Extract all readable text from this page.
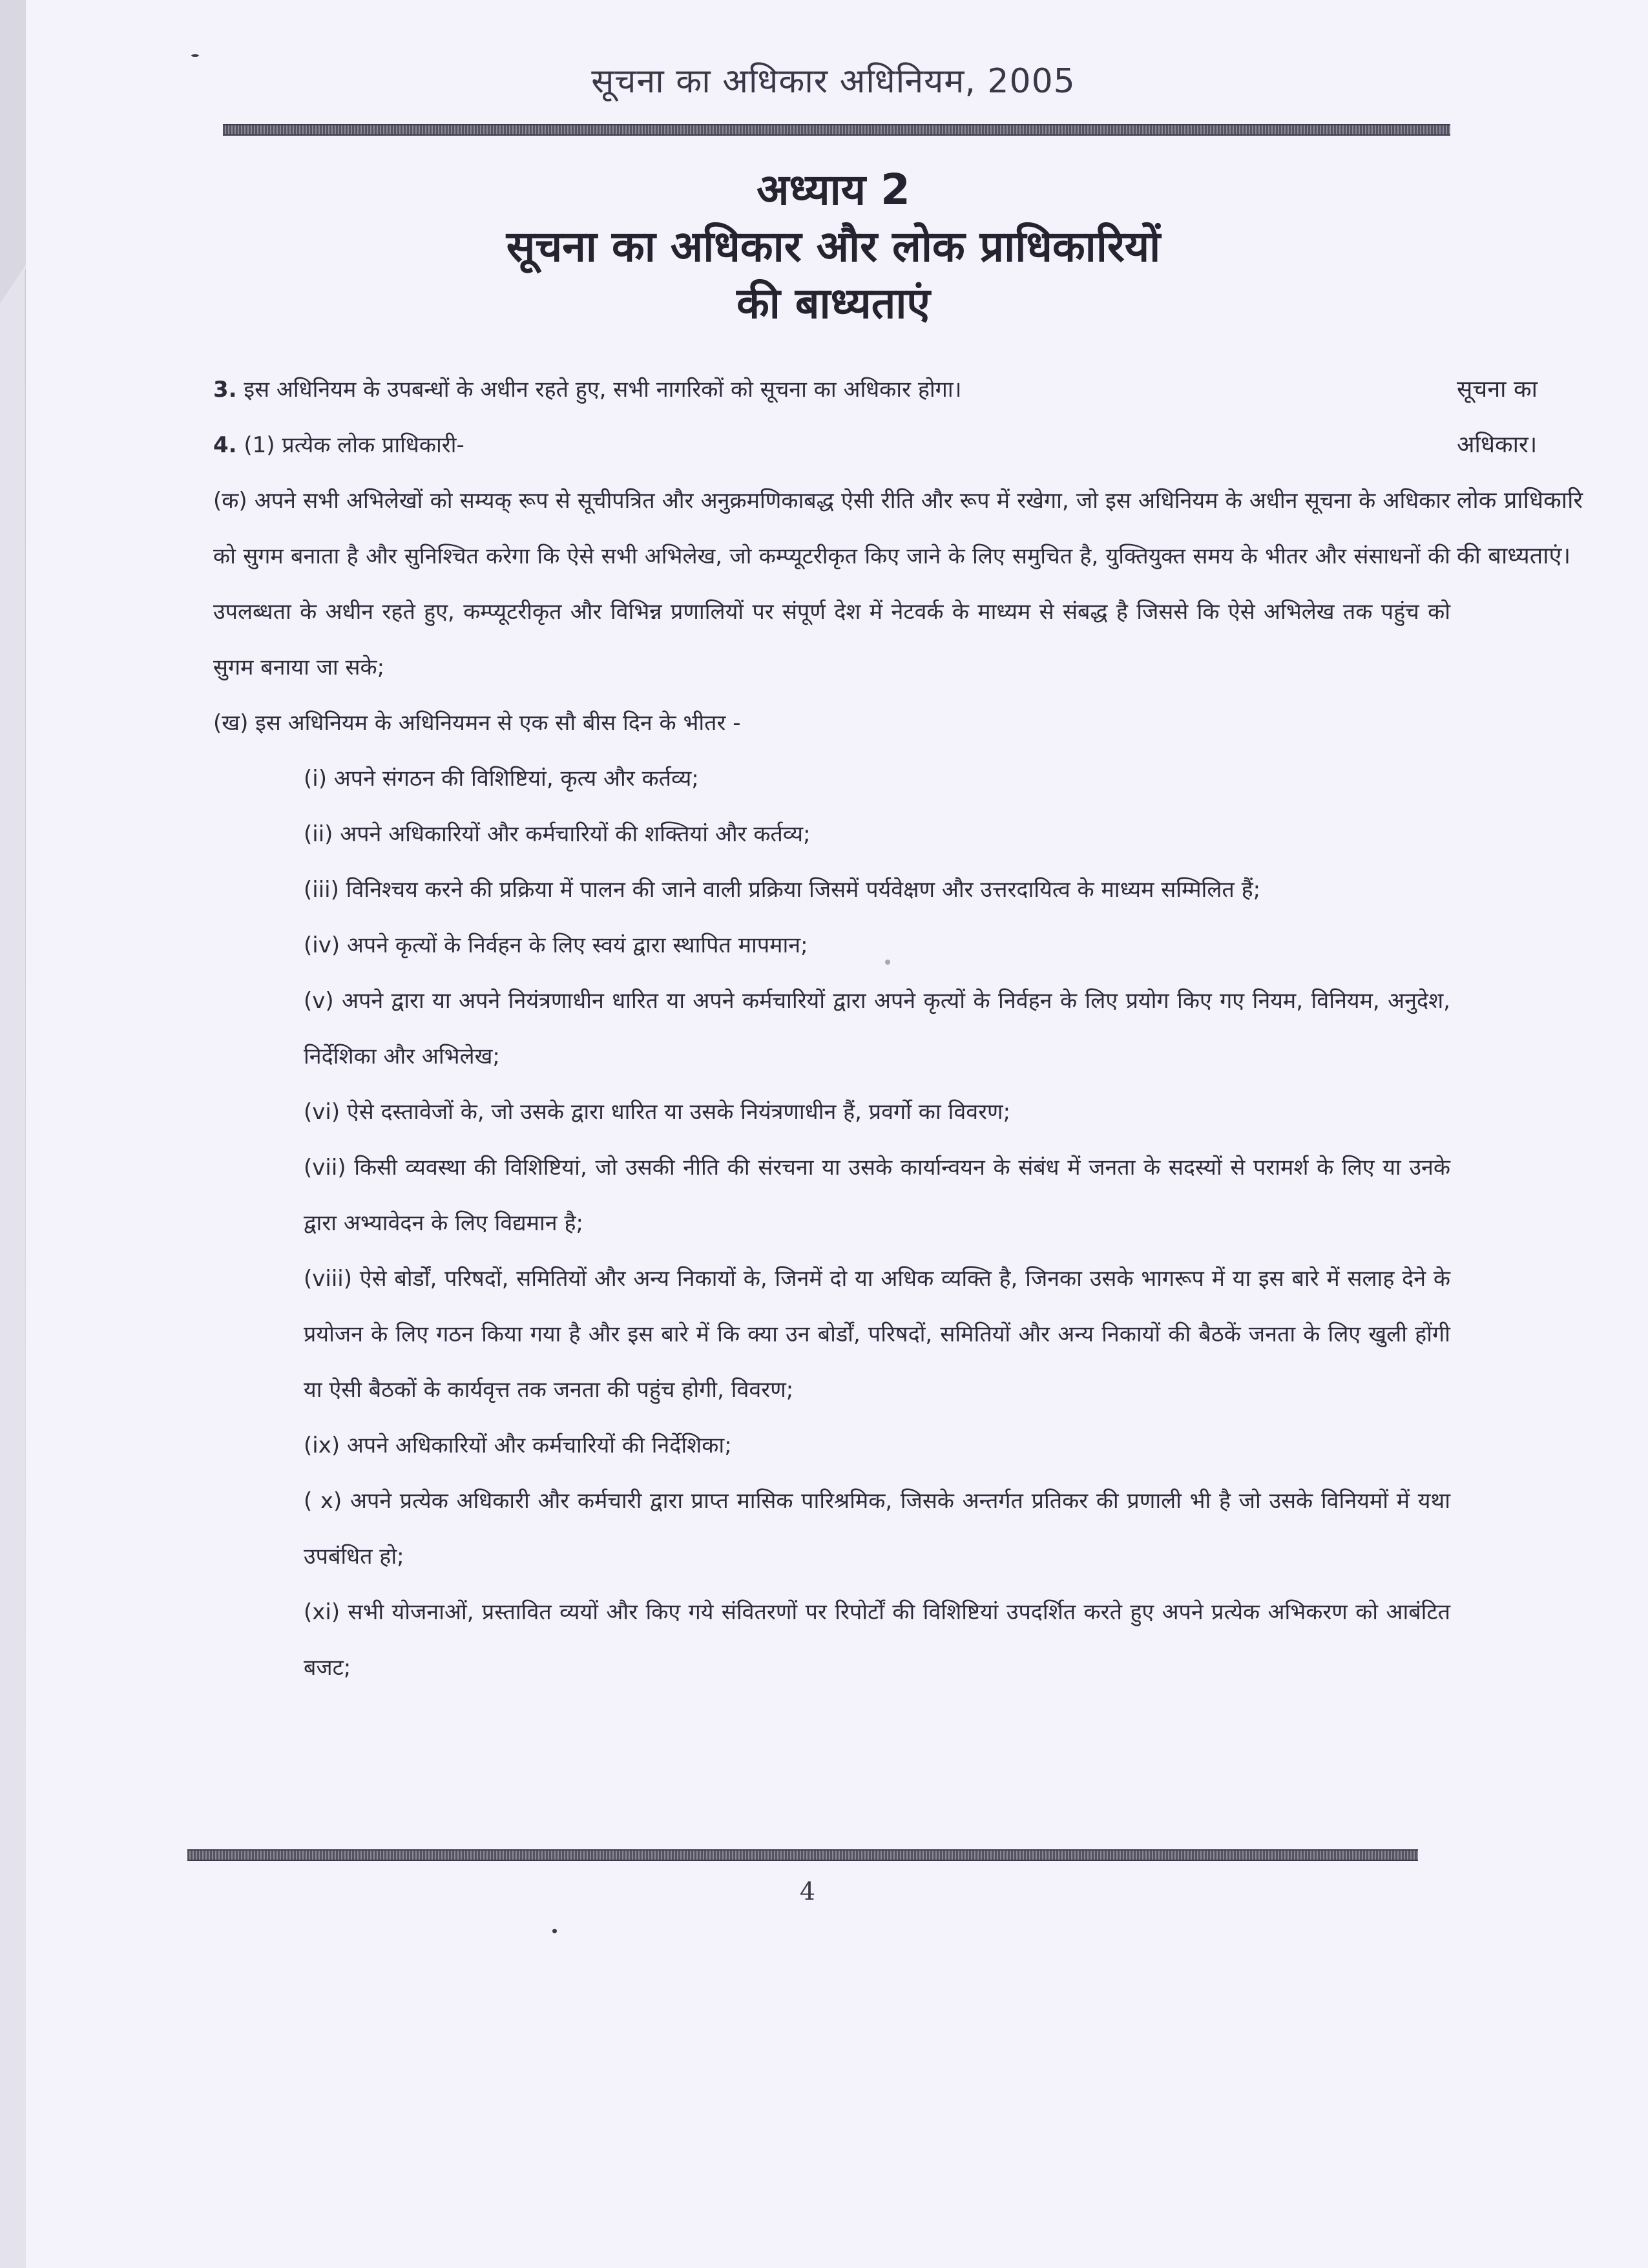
सूचना का अधिकार अधिनियम, 2005
अध्याय 2
सूचना का अधिकार और लोक प्राधिकारियों
की बाध्यताएं

3. इस अधिनियम के उपबन्धों के अधीन रहते हुए, सभी नागरिकों को सूचना का अधिकार होगा।

4. (1) प्रत्येक लोक प्राधिकारी-

(क) अपने सभी अभिलेखों को सम्यक् रूप से सूचीपत्रित और अनुक्रमणिकाबद्ध ऐसी रीति और रूप में रखेगा, जो इस अधिनियम के अधीन सूचना के अधिकार को सुगम बनाता है और सुनिश्चित करेगा कि ऐसे सभी अभिलेख, जो कम्प्यूटरीकृत किए जाने के लिए समुचित है, युक्तियुक्त समय के भीतर और संसाधनों की उपलब्धता के अधीन रहते हुए, कम्प्यूटरीकृत और विभिन्न प्रणालियों पर संपूर्ण देश में नेटवर्क के माध्यम से संबद्ध है जिससे कि ऐसे अभिलेख तक पहुंच को सुगम बनाया जा सके;

(ख) इस अधिनियम के अधिनियमन से एक सौ बीस दिन के भीतर -

(i) अपने संगठन की विशिष्टियां, कृत्य और कर्तव्य;

(ii) अपने अधिकारियों और कर्मचारियों की शक्तियां और कर्तव्य;

(iii) विनिश्चय करने की प्रक्रिया में पालन की जाने वाली प्रक्रिया जिसमें पर्यवेक्षण और उत्तरदायित्व के माध्यम सम्मिलित हैं;

(iv) अपने कृत्यों के निर्वहन के लिए स्वयं द्वारा स्थापित मापमान;

(v) अपने द्वारा या अपने नियंत्रणाधीन धारित या अपने कर्मचारियों द्वारा अपने कृत्यों के निर्वहन के लिए प्रयोग किए गए नियम, विनियम, अनुदेश, निर्देशिका और अभिलेख;

(vi) ऐसे दस्तावेजों के, जो उसके द्वारा धारित या उसके नियंत्रणाधीन हैं, प्रवर्गो का विवरण;

(vii) किसी व्यवस्था की विशिष्टियां, जो उसकी नीति की संरचना या उसके कार्यान्वयन के संबंध में जनता के सदस्यों से परामर्श के लिए या उनके द्वारा अभ्यावेदन के लिए विद्यमान है;

(viii) ऐसे बोर्डों, परिषदों, समितियों और अन्य निकायों के, जिनमें दो या अधिक व्यक्ति है, जिनका उसके भागरूप में या इस बारे में सलाह देने के प्रयोजन के लिए गठन किया गया है और इस बारे में कि क्या उन बोर्डों, परिषदों, समितियों और अन्य निकायों की बैठकें जनता के लिए खुली होंगी या ऐसी बैठकों के कार्यवृत्त तक जनता की पहुंच होगी, विवरण;

(ix) अपने अधिकारियों और कर्मचारियों की निर्देशिका;

( x) अपने प्रत्येक अधिकारी और कर्मचारी द्वारा प्राप्त मासिक पारिश्रमिक, जिसके अन्तर्गत प्रतिकर की प्रणाली भी है जो उसके विनियमों में यथा उपबंधित हो;

(xi) सभी योजनाओं, प्रस्तावित व्ययों और किए गये संवितरणों पर रिपोर्टों की विशिष्टियां उपदर्शित करते हुए अपने प्रत्येक अभिकरण को आबंटित बजट;

सूचना का
अधिकार।
लोक प्राधिकारि
की बाध्यताएं।
4
